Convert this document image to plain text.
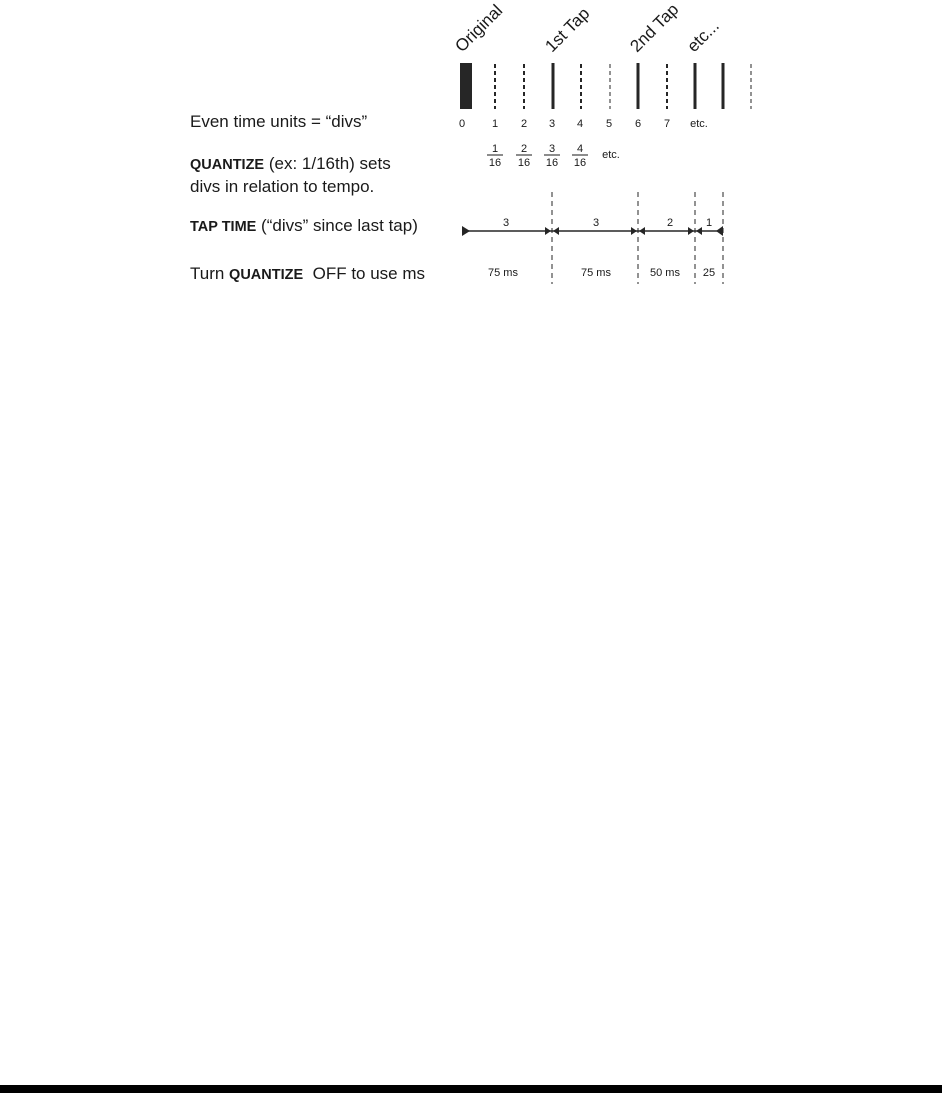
Even time units = “divs”

QUANTIZE (ex: 1/16th) sets
divs in relation to tempo.

TAP TIME (“divs” since last tap)

Turn QUANTIZE  OFF to use ms

Original 1st Tap 2nd Tap etc...
0 1 2 3 4 5 6 7 etc.
1
16
2
16
3
16
4
16
etc.
3	3	2	1
75 ms	75 ms	50 ms 25
